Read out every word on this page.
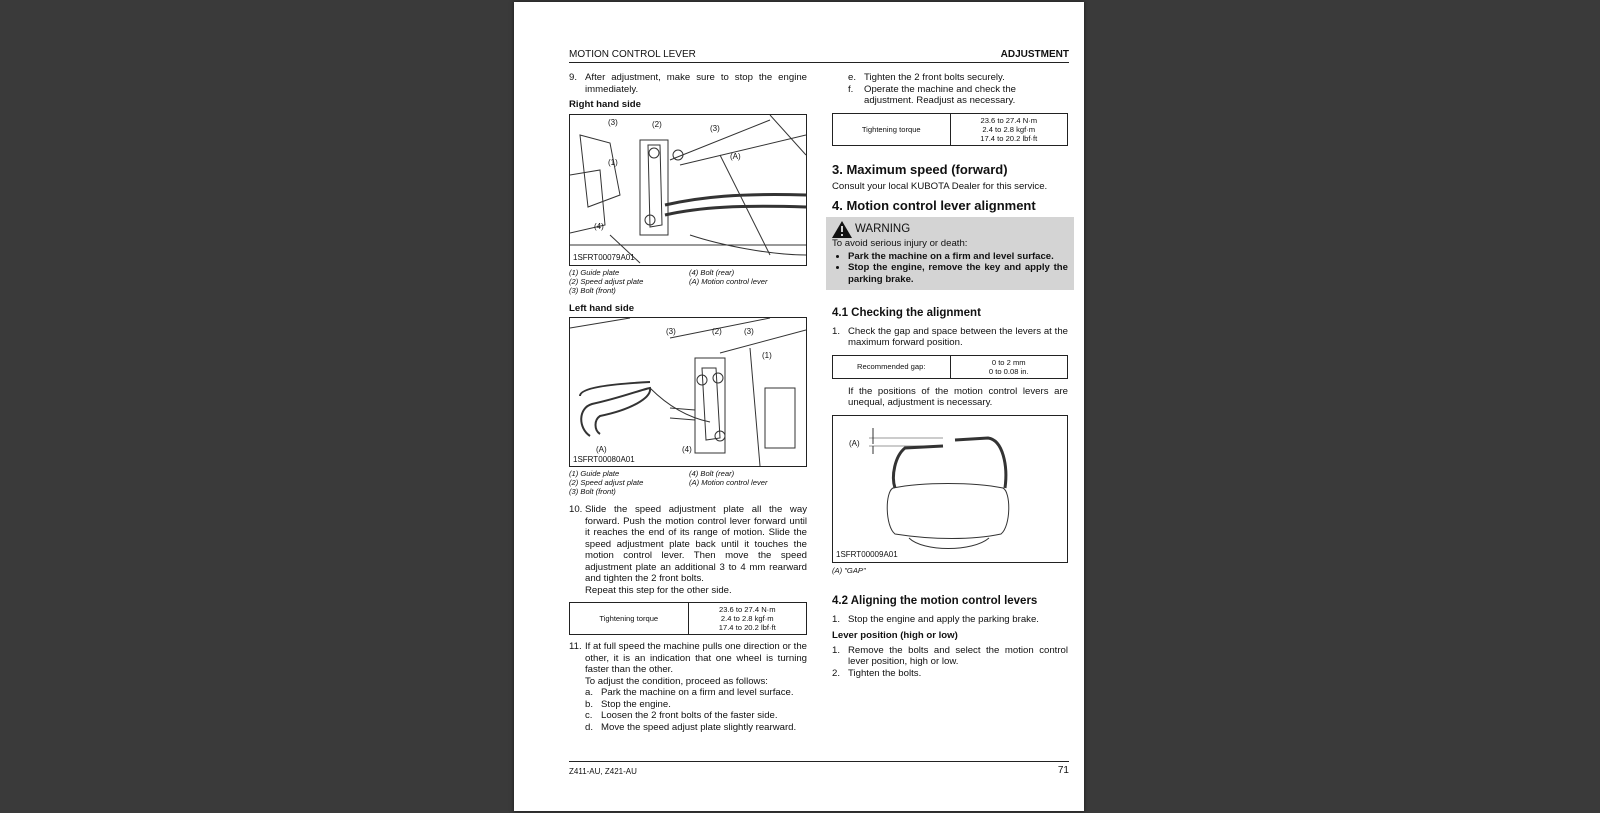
MOTION CONTROL LEVER	ADJUSTMENT
9. After adjustment, make sure to stop the engine immediately.
Right hand side
(3)	(2)	(3)
(A)
(1)
(4)
1SFRT00079A01
(1) Guide plate	(4) Bolt (rear)
(2) Speed adjust plate	(A) Motion control lever
(3) Bolt (front)
Left hand side
(3)	(2)	(3)
(1)
(A)	(4)
1SFRT00080A01
(1) Guide plate	(4) Bolt (rear)
(2) Speed adjust plate	(A) Motion control lever
(3) Bolt (front)
10. Slide the speed adjustment plate all the way forward. Push the motion control lever forward until it reaches the end of its range of motion. Slide the speed adjustment plate back until it touches the motion control lever. Then move the speed adjustment plate an additional 3 to 4 mm rearward and tighten the 2 front bolts.
Repeat this step for the other side.
Tightening torque	
23.6 to 27.4 N·m
2.4 to 2.8 kgf·m
17.4 to 20.2 lbf·ft
11. If at full speed the machine pulls one direction or the other, it is an indication that one wheel is turning faster than the other.
To adjust the condition, proceed as follows:
a. Park the machine on a firm and level surface.
b. Stop the engine.
c. Loosen the 2 front bolts of the faster side.
d. Move the speed adjust plate slightly rearward.
e. Tighten the 2 front bolts securely.
f. Operate the machine and check the adjustment. Readjust as necessary.
Tightening torque	
23.6 to 27.4 N·m
2.4 to 2.8 kgf·m
17.4 to 20.2 lbf·ft
3. Maximum speed (forward)
Consult your local KUBOTA Dealer for this service.
4. Motion control lever alignment
WARNING
To avoid serious injury or death:
• Park the machine on a firm and level surface.
• Stop the engine, remove the key and apply the parking brake.
4.1 Checking the alignment
1. Check the gap and space between the levers at the maximum forward position.
Recommended gap:	0 to 2 mm
0 to 0.08 in.
If the positions of the motion control levers are unequal, adjustment is necessary.
(A)
1SFRT00009A01
(A) "GAP"
4.2 Aligning the motion control levers
1. Stop the engine and apply the parking brake.
Lever position (high or low)
1. Remove the bolts and select the motion control lever position, high or low.
2. Tighten the bolts.
Z411-AU, Z421-AU	71
